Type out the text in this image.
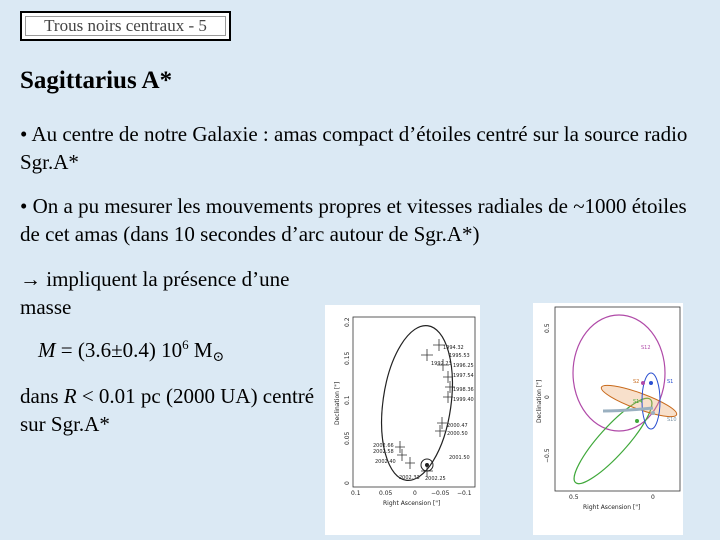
Trous noirs centraux - 5
Sagittarius A*
• Au centre de notre Galaxie : amas compact d’étoiles centré sur la source radio Sgr.A*
• On a pu mesurer les mouvements propres et vitesses radiales de ~1000 étoiles de cet amas (dans 10 secondes d’arc autour de Sgr.A*)
→ impliquent la présence d’une masse
M = (3.6±0.4) $10^6$ M⊙
dans R < 0.01 pc (2000 UA) centré sur Sgr.A*
1994.32
1995.53
1992.23 1996.25
1997.54
1998.36
1999.40
2000.47
2000.50
2002.66
2002.58
2002.40
2002.33 2002.25
2001.50
0
0.05
0.1
0.15
0.2
Declination ["]
0.1	0.05	0 −0.05 −0.1
Right Ascension ["]
S12
S2	S1
S14
S10
0.5
0
−0.5
Declination ["]
0.5	0
Right Ascension ["]
